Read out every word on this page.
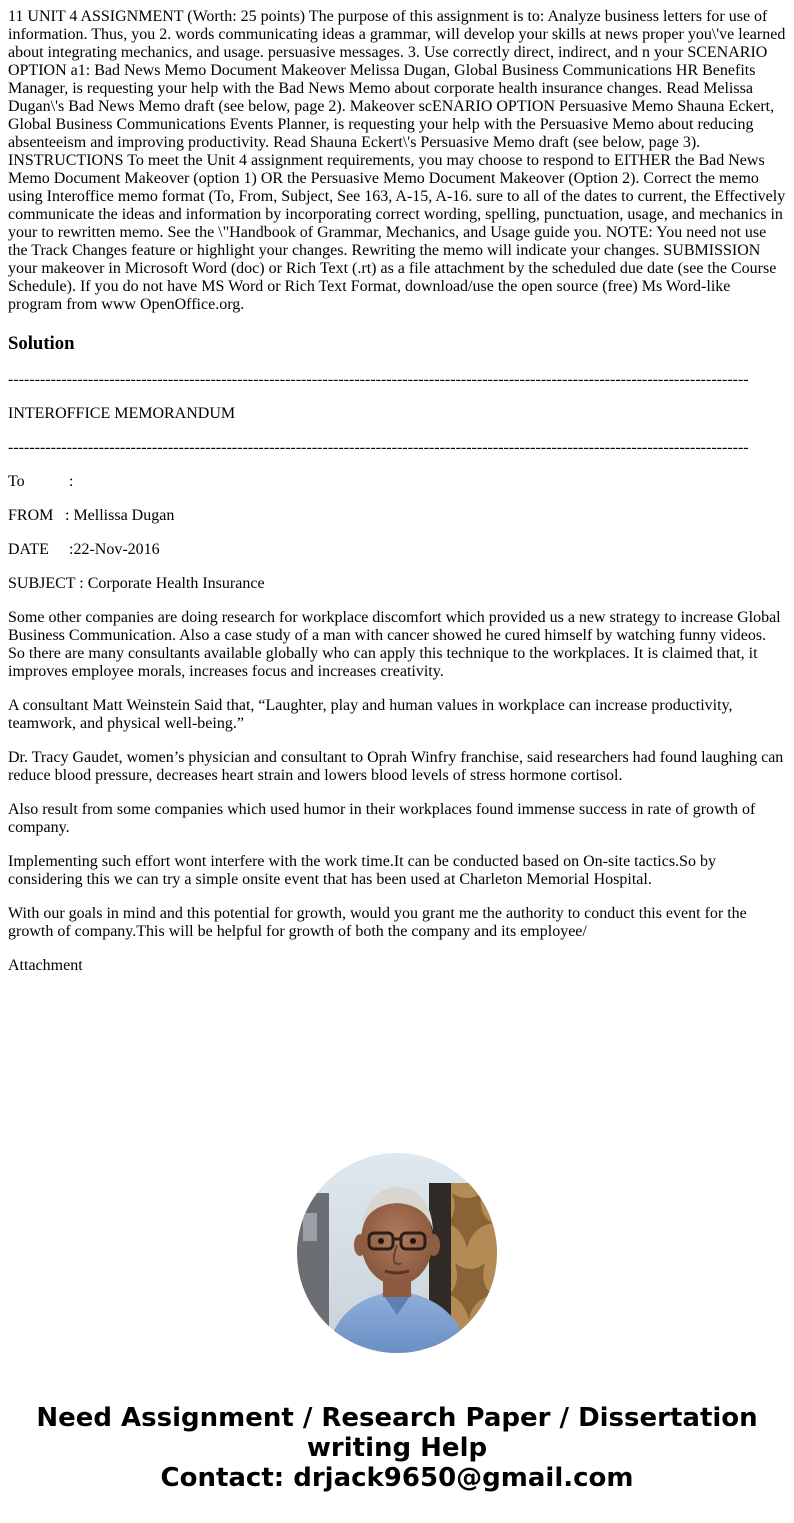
11 UNIT 4 ASSIGNMENT (Worth: 25 points) The purpose of this assignment is to: Analyze business letters for use of information. Thus, you 2. words communicating ideas a grammar, will develop your skills at news proper you\'ve learned about integrating mechanics, and usage. persuasive messages. 3. Use correctly direct, indirect, and n your SCENARIO OPTION a1: Bad News Memo Document Makeover Melissa Dugan, Global Business Communications HR Benefits Manager, is requesting your help with the Bad News Memo about corporate health insurance changes. Read Melissa Dugan\'s Bad News Memo draft (see below, page 2). Makeover scENARIO OPTION Persuasive Memo Shauna Eckert, Global Business Communications Events Planner, is requesting your help with the Persuasive Memo about reducing absenteeism and improving productivity. Read Shauna Eckert\'s Persuasive Memo draft (see below, page 3). INSTRUCTIONS To meet the Unit 4 assignment requirements, you may choose to respond to EITHER the Bad News Memo Document Makeover (option 1) OR the Persuasive Memo Document Makeover (Option 2). Correct the memo using Interoffice memo format (To, From, Subject, See 163, A-15, A-16. sure to all of the dates to current, the Effectively communicate the ideas and information by incorporating correct wording, spelling, punctuation, usage, and mechanics in your to rewritten memo. See the \"Handbook of Grammar, Mechanics, and Usage guide you. NOTE: You need not use the Track Changes feature or highlight your changes. Rewriting the memo will indicate your changes. SUBMISSION your makeover in Microsoft Word (doc) or Rich Text (.rt) as a file attachment by the scheduled due date (see the Course Schedule). If you do not have MS Word or Rich Text Format, download/use the open source (free) Ms Word-like program from www OpenOffice.org.
Solution
-------------------------------------------------------------------------------------------------------------------------------------------
INTEROFFICE MEMORANDUM
-------------------------------------------------------------------------------------------------------------------------------------------
To	:
FROM : Mellissa Dugan
DATE :22-Nov-2016
SUBJECT : Corporate Health Insurance
Some other companies are doing research for workplace discomfort which provided us a new strategy to increase Global Business Communication. Also a case study of a man with cancer showed he cured himself by watching funny videos. So there are many consultants available globally who can apply this technique to the workplaces. It is claimed that, it improves employee morals, increases focus and increases creativity.
A consultant Matt Weinstein Said that, “Laughter, play and human values in workplace can increase productivity, teamwork, and physical well-being.”
Dr. Tracy Gaudet, women’s physician and consultant to Oprah Winfry franchise, said researchers had found laughing can reduce blood pressure, decreases heart strain and lowers blood levels of stress hormone cortisol.
Also result from some companies which used humor in their workplaces found immense success in rate of growth of company.
Implementing such effort wont interfere with the work time.It can be conducted based on On-site tactics.So by considering this we can try a simple onsite event that has been used at Charleton Memorial Hospital.
With our goals in mind and this potential for growth, would you grant me the authority to conduct this event for the growth of company.This will be helpful for growth of both the company and its employee/
Attachment
Need Assignment / Research Paper / Dissertation
writing Help
Contact: drjack9650@gmail.com
